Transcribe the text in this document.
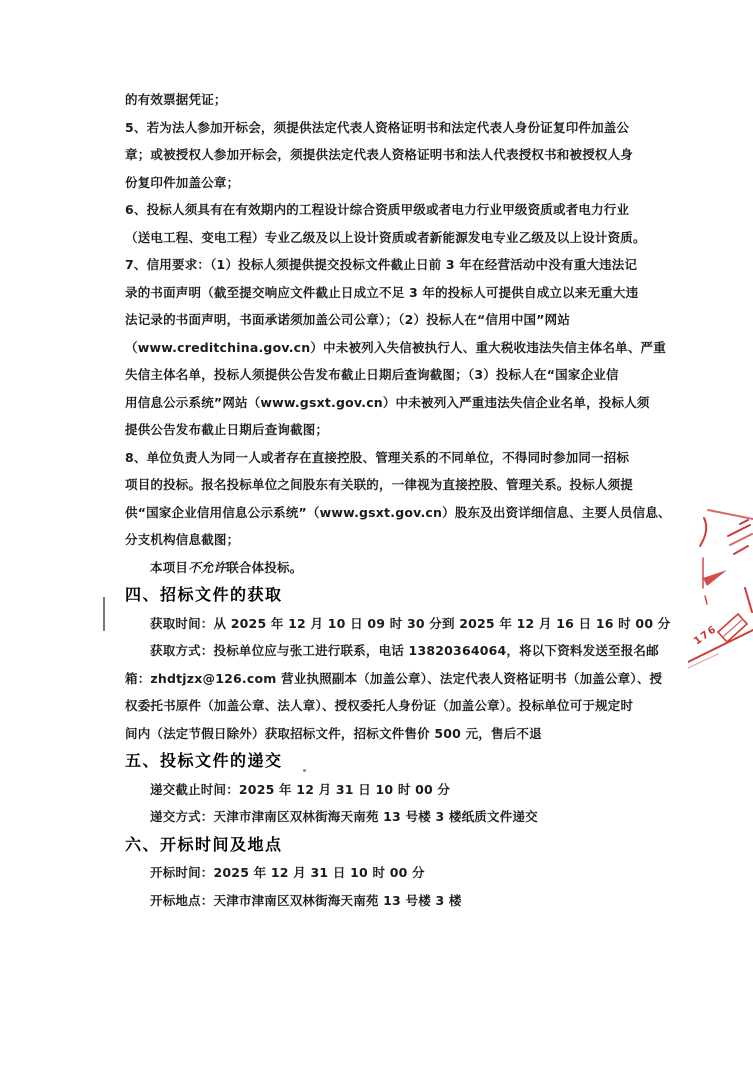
的有效票据凭证；
5、若为法人参加开标会，须提供法定代表人资格证明书和法定代表人身份证复印件加盖公
章；或被授权人参加开标会，须提供法定代表人资格证明书和法人代表授权书和被授权人身
份复印件加盖公章；
6、投标人须具有在有效期内的工程设计综合资质甲级或者电力行业甲级资质或者电力行业
（送电工程、变电工程）专业乙级及以上设计资质或者新能源发电专业乙级及以上设计资质。
7、信用要求：（1）投标人须提供提交投标文件截止日前 3 年在经营活动中没有重大违法记
录的书面声明（截至提交响应文件截止日成立不足 3 年的投标人可提供自成立以来无重大违
法记录的书面声明，书面承诺须加盖公司公章）；（2）投标人在“信用中国”网站
（www.creditchina.gov.cn）中未被列入失信被执行人、重大税收违法失信主体名单、严重
失信主体名单，投标人须提供公告发布截止日期后查询截图；（3）投标人在“国家企业信
用信息公示系统”网站（www.gsxt.gov.cn）中未被列入严重违法失信企业名单，投标人须
提供公告发布截止日期后查询截图；
8、单位负责人为同一人或者存在直接控股、管理关系的不同单位，不得同时参加同一招标
项目的投标。报名投标单位之间股东有关联的，一律视为直接控股、管理关系。投标人须提
供“国家企业信用信息公示系统”（www.gsxt.gov.cn）股东及出资详细信息、主要人员信息、
分支机构信息截图；
本项目不允许联合体投标。
四、招标文件的获取
获取时间：从 2025 年 12 月 10 日 09 时 30 分到 2025 年 12 月 16 日 16 时 00 分
获取方式：投标单位应与张工进行联系，电话 13820364064，将以下资料发送至报名邮
箱：zhdtjzx@126.com 营业执照副本（加盖公章）、法定代表人资格证明书（加盖公章）、授
权委托书原件（加盖公章、法人章）、授权委托人身份证（加盖公章）。投标单位可于规定时
间内（法定节假日除外）获取招标文件，招标文件售价 500 元，售后不退
五、投标文件的递交
递交截止时间：2025 年 12 月 31 日 10 时 00 分
递交方式：天津市津南区双林街海天南苑 13 号楼 3 楼纸质文件递交
六、开标时间及地点
开标时间：2025 年 12 月 31 日 10 时 00 分
开标地点：天津市津南区双林街海天南苑 13 号楼 3 楼
176
